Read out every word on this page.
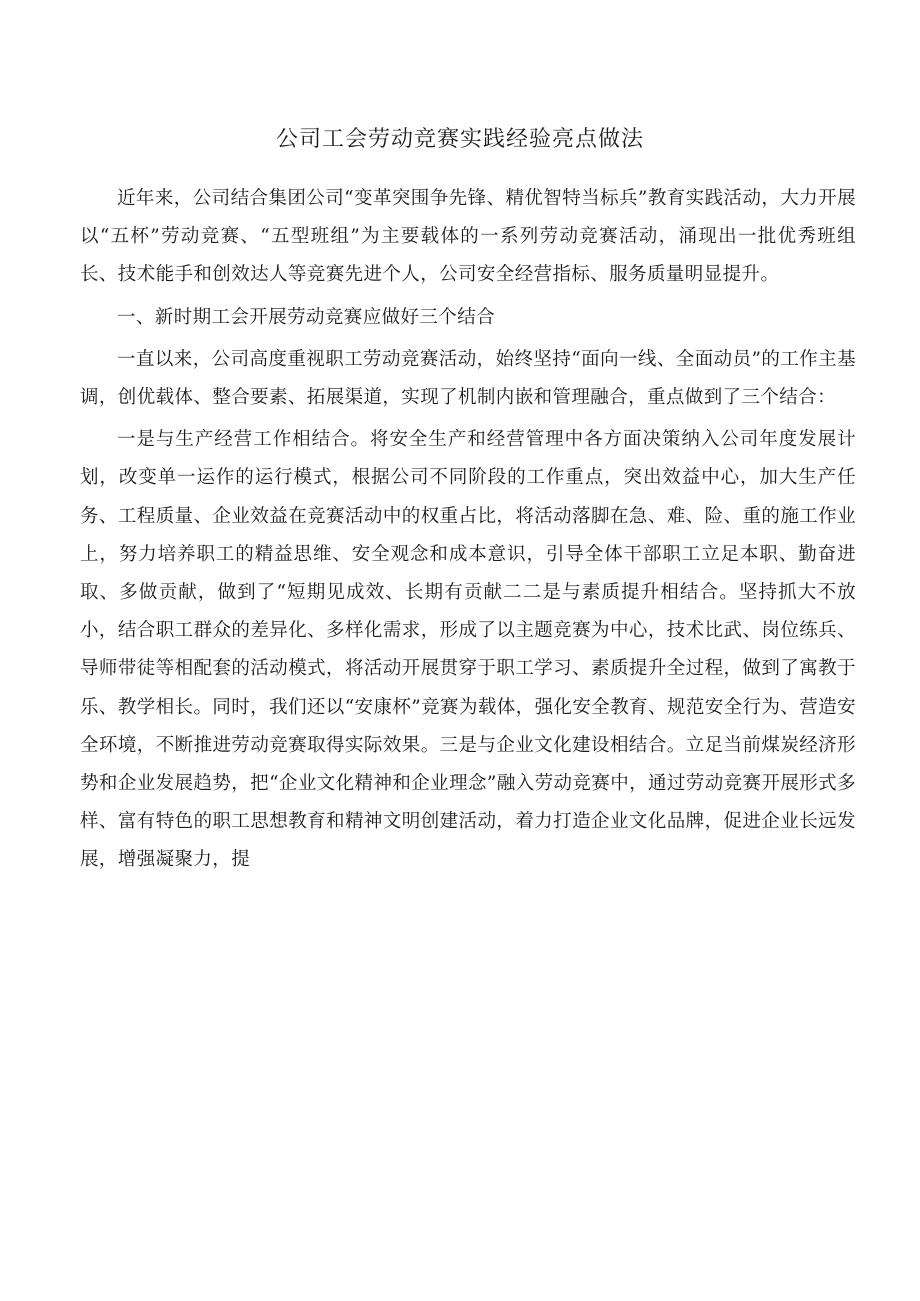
公司工会劳动竞赛实践经验亮点做法

近年来，公司结合集团公司“变革突围争先锋、精优智特当标兵”教育实践活动，大力开展以“五杯”劳动竞赛、“五型班组”为主要载体的一系列劳动竞赛活动，涌现出一批优秀班组长、技术能手和创效达人等竞赛先进个人，公司安全经营指标、服务质量明显提升。

一、新时期工会开展劳动竞赛应做好三个结合

一直以来，公司高度重视职工劳动竞赛活动，始终坚持“面向一线、全面动员”的工作主基调，创优载体、整合要素、拓展渠道，实现了机制内嵌和管理融合，重点做到了三个结合：

一是与生产经营工作相结合。将安全生产和经营管理中各方面决策纳入公司年度发展计划，改变单一运作的运行模式，根据公司不同阶段的工作重点，突出效益中心，加大生产任务、工程质量、企业效益在竞赛活动中的权重占比，将活动落脚在急、难、险、重的施工作业上，努力培养职工的精益思维、安全观念和成本意识，引导全体干部职工立足本职、勤奋进取、多做贡献，做到了“短期见成效、长期有贡献二二是与素质提升相结合。坚持抓大不放小，结合职工群众的差异化、多样化需求，形成了以主题竞赛为中心，技术比武、岗位练兵、导师带徒等相配套的活动模式，将活动开展贯穿于职工学习、素质提升全过程，做到了寓教于乐、教学相长。同时，我们还以“安康杯”竞赛为载体，强化安全教育、规范安全行为、营造安全环境，不断推进劳动竞赛取得实际效果。三是与企业文化建设相结合。立足当前煤炭经济形势和企业发展趋势，把“企业文化精神和企业理念”融入劳动竞赛中，通过劳动竞赛开展形式多样、富有特色的职工思想教育和精神文明创建活动，着力打造企业文化品牌，促进企业长远发展，增强凝聚力，提
